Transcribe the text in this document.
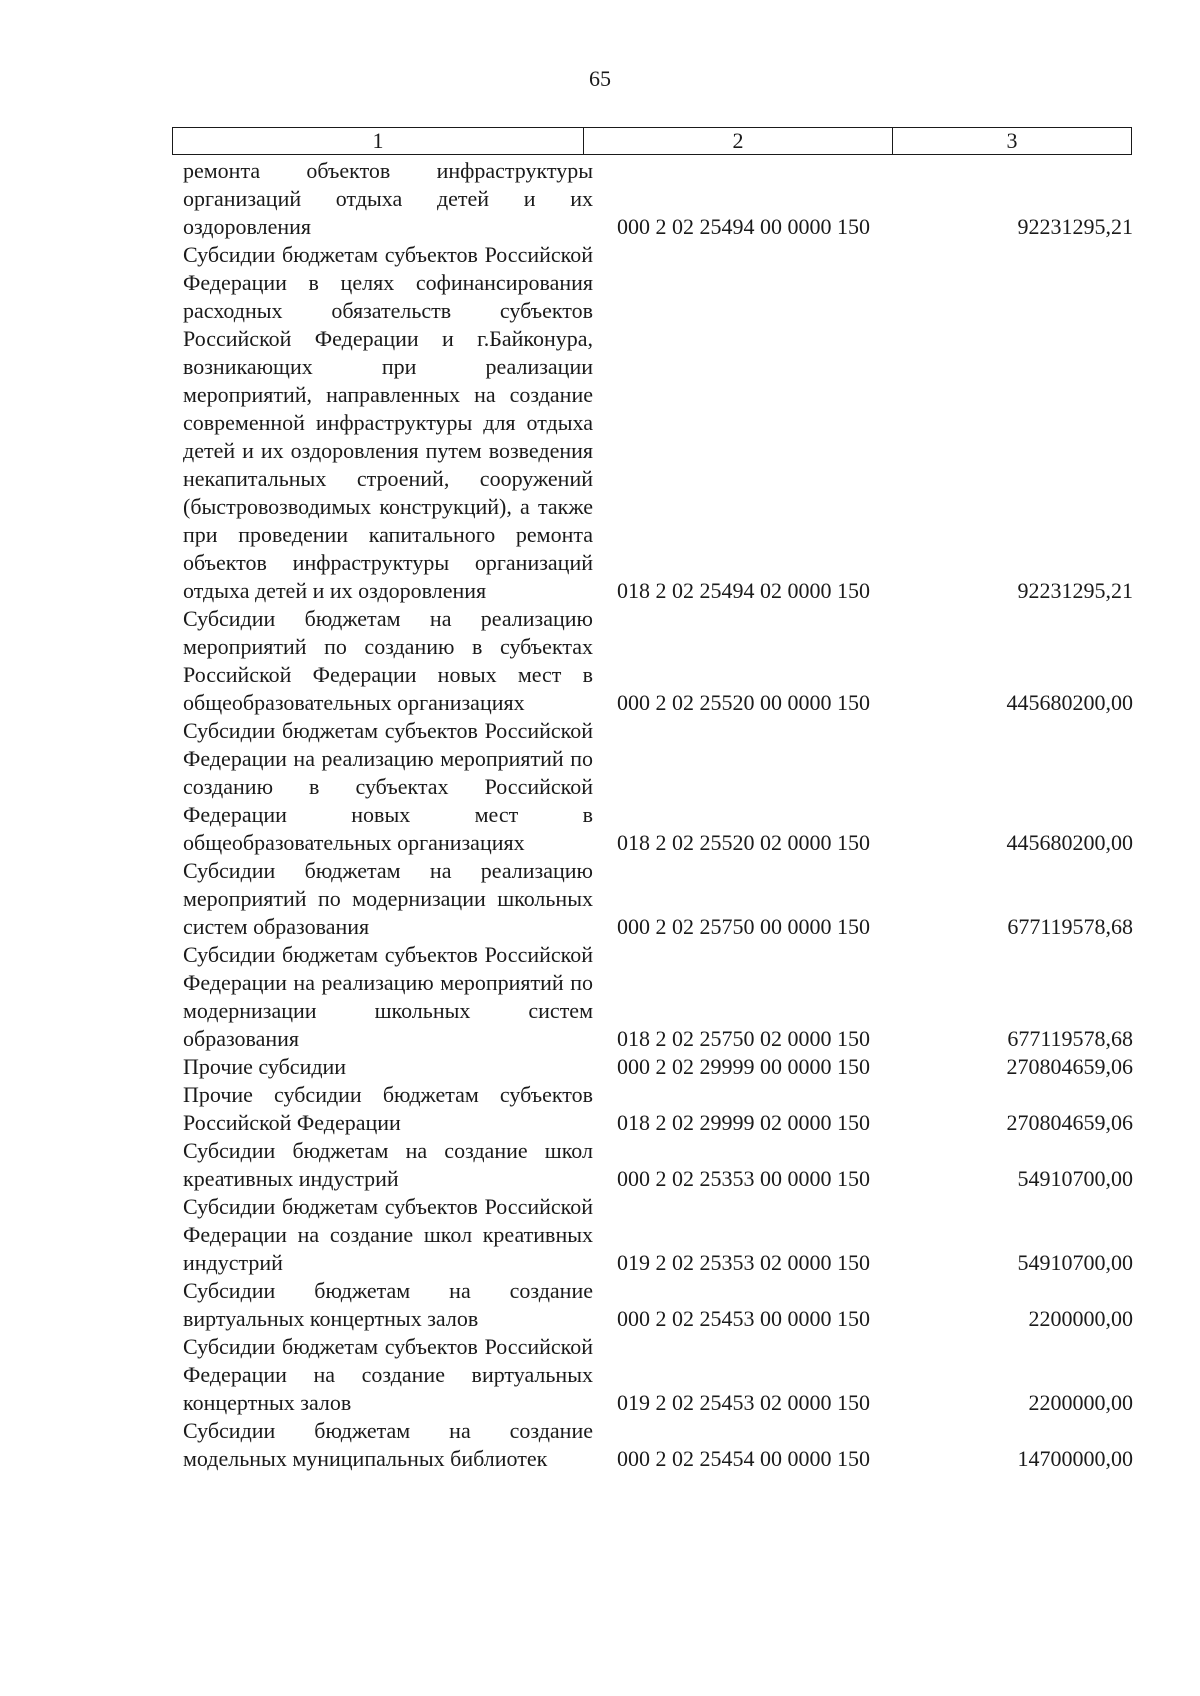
65
1	2	3
ремонта объектов инфраструктуры организаций отдыха детей и их оздоровления	000 2 02 25494 00 0000 150	92231295,21
Субсидии бюджетам субъектов Российской Федерации в целях софинансирования расходных обязательств субъектов Российской Федерации и г.Байконура, возникающих при реализации мероприятий, направленных на создание современной инфраструктуры для отдыха детей и их оздоровления путем возведения некапитальных строений, сооружений (быстровозводимых конструкций), а также при проведении капитального ремонта объектов инфраструктуры организаций отдыха детей и их оздоровления	018 2 02 25494 02 0000 150	92231295,21
Субсидии бюджетам на реализацию мероприятий по созданию в субъектах Российской Федерации новых мест в общеобразовательных организациях	000 2 02 25520 00 0000 150	445680200,00
Субсидии бюджетам субъектов Российской Федерации на реализацию мероприятий по созданию в субъектах Российской Федерации новых мест в общеобразовательных организациях	018 2 02 25520 02 0000 150	445680200,00
Субсидии бюджетам на реализацию мероприятий по модернизации школьных систем образования	000 2 02 25750 00 0000 150	677119578,68
Субсидии бюджетам субъектов Российской Федерации на реализацию мероприятий по модернизации школьных систем образования	018 2 02 25750 02 0000 150	677119578,68
Прочие субсидии	000 2 02 29999 00 0000 150	270804659,06
Прочие субсидии бюджетам субъектов Российской Федерации	018 2 02 29999 02 0000 150	270804659,06
Субсидии бюджетам на создание школ креативных индустрий	000 2 02 25353 00 0000 150	54910700,00
Субсидии бюджетам субъектов Российской Федерации на создание школ креативных индустрий	019 2 02 25353 02 0000 150	54910700,00
Субсидии бюджетам на создание виртуальных концертных залов	000 2 02 25453 00 0000 150	2200000,00
Субсидии бюджетам субъектов Российской Федерации на создание виртуальных концертных залов	019 2 02 25453 02 0000 150	2200000,00
Субсидии бюджетам на создание модельных муниципальных библиотек	000 2 02 25454 00 0000 150	14700000,00
